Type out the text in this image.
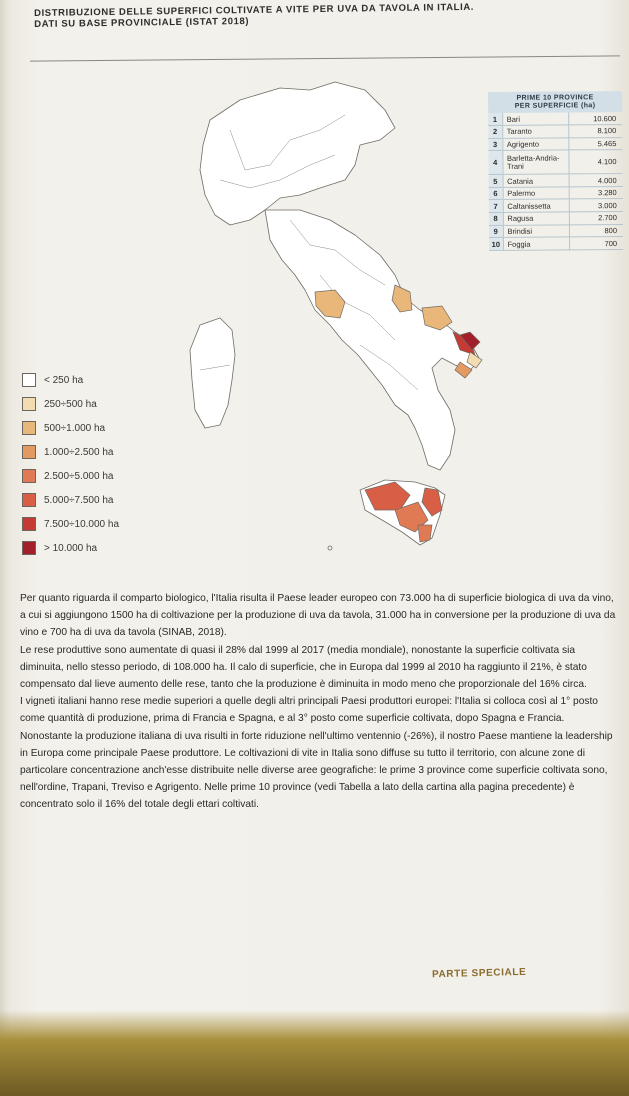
DISTRIBUZIONE DELLE SUPERFICI COLTIVATE A VITE PER UVA DA TAVOLA IN ITALIA.
DATI SU BASE PROVINCIALE (ISTAT 2018)
< 250 ha
250÷500 ha
500÷1.000 ha
1.000÷2.500 ha
2.500÷5.000 ha
5.000÷7.500 ha
7.500÷10.000 ha
> 10.000 ha
PRIME 10 PROVINCE
PER SUPERFICIE (ha)
1	Bari	10.600
2	Taranto	8.100
3	Agrigento	5.465
4	Barletta-Andria-Trani	4.100
5	Catania	4.000
6	Palermo	3.280
7	Caltanissetta	3.000
8	Ragusa	2.700
9	Brindisi	800
10	Foggia	700

Per quanto riguarda il comparto biologico, l'Italia risulta il Paese leader europeo con 73.000 ha di superficie biologica di uva da vino, a cui si aggiungono 1500 ha di coltivazione per la produzione di uva da tavola, 31.000 ha in conversione per la produzione di uva da vino e 700 ha di uva da tavola (SINAB, 2018).

Le rese produttive sono aumentate di quasi il 28% dal 1999 al 2017 (media mondiale), nonostante la superficie coltivata sia diminuita, nello stesso periodo, di 108.000 ha. Il calo di superficie, che in Europa dal 1999 al 2010 ha raggiunto il 21%, è stato compensato dal lieve aumento delle rese, tanto che la produzione è diminuita in modo meno che proporzionale del 16% circa.

I vigneti italiani hanno rese medie superiori a quelle degli altri principali Paesi produttori europei: l'Italia si colloca così al 1° posto come quantità di produzione, prima di Francia e Spagna, e al 3° posto come superficie coltivata, dopo Spagna e Francia.

Nonostante la produzione italiana di uva risulti in forte riduzione nell'ultimo ventennio (-26%), il nostro Paese mantiene la leadership in Europa come principale Paese produttore. Le coltivazioni di vite in Italia sono diffuse su tutto il territorio, con alcune zone di particolare concentrazione anch'esse distribuite nelle diverse aree geografiche: le prime 3 province come superficie coltivata sono, nell'ordine, Trapani, Treviso e Agrigento. Nelle prime 10 province (vedi Tabella a lato della cartina alla pagina precedente) è concentrato solo il 16% del totale degli ettari coltivati.

PARTE SPECIALE
